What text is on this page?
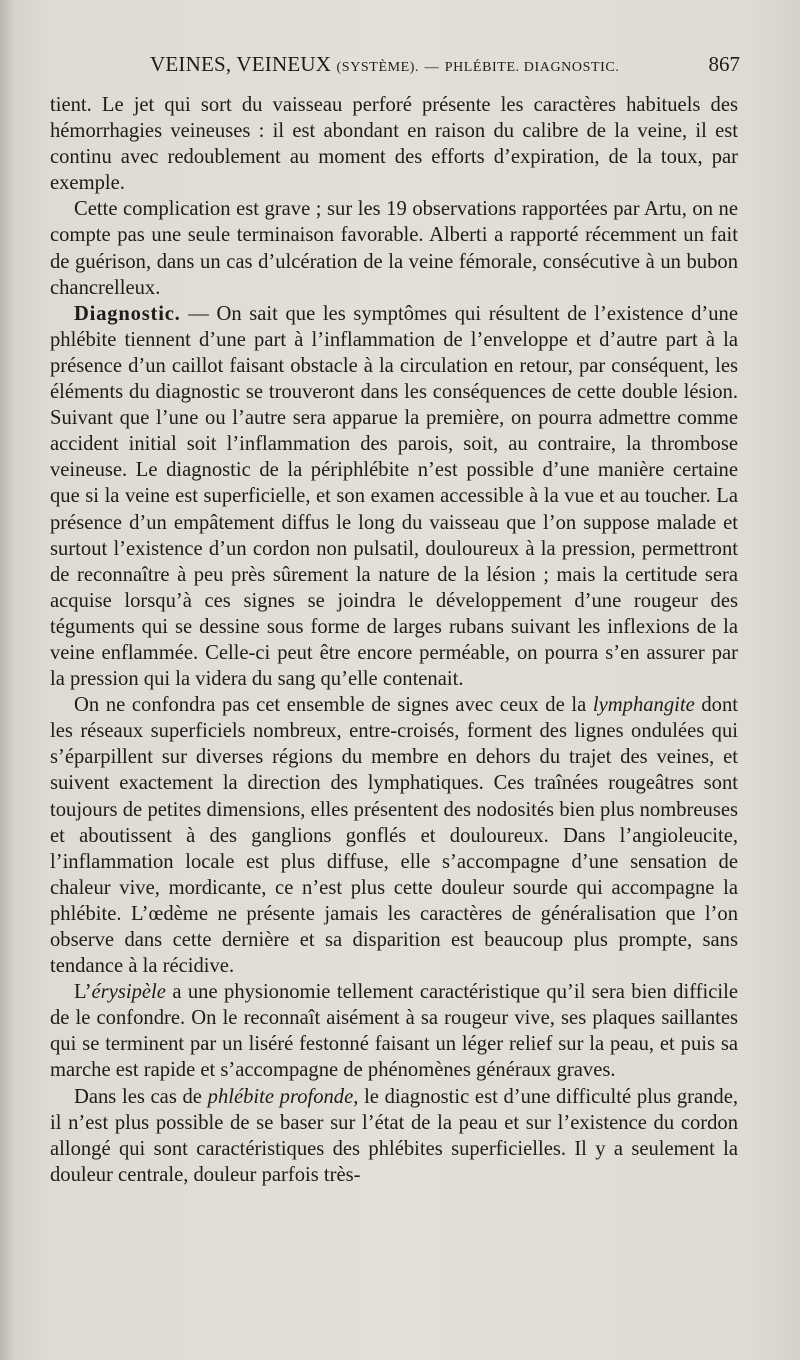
VEINES, VEINEUX (SYSTÈME). — PHLÉBITE. DIAGNOSTIC.	867

tient. Le jet qui sort du vaisseau perforé présente les caractères habituels des hémorrhagies veineuses : il est abondant en raison du calibre de la veine, il est continu avec redoublement au moment des efforts d’expiration, de la toux, par exemple.

Cette complication est grave ; sur les 19 observations rapportées par Artu, on ne compte pas une seule terminaison favorable. Alberti a rapporté récemment un fait de guérison, dans un cas d’ulcération de la veine fémorale, consécutive à un bubon chancrelleux.

Diagnostic. — On sait que les symptômes qui résultent de l’existence d’une phlébite tiennent d’une part à l’inflammation de l’enveloppe et d’autre part à la présence d’un caillot faisant obstacle à la circulation en retour, par conséquent, les éléments du diagnostic se trouveront dans les conséquences de cette double lésion. Suivant que l’une ou l’autre sera apparue la première, on pourra admettre comme accident initial soit l’inflammation des parois, soit, au contraire, la thrombose veineuse. Le diagnostic de la périphlébite n’est possible d’une manière certaine que si la veine est superficielle, et son examen accessible à la vue et au toucher. La présence d’un empâtement diffus le long du vaisseau que l’on suppose malade et surtout l’existence d’un cordon non pulsatil, douloureux à la pression, permettront de reconnaître à peu près sûrement la nature de la lésion ; mais la certitude sera acquise lorsqu’à ces signes se joindra le développement d’une rougeur des téguments qui se dessine sous forme de larges rubans suivant les inflexions de la veine enflammée. Celle-ci peut être encore perméable, on pourra s’en assurer par la pression qui la videra du sang qu’elle contenait.

On ne confondra pas cet ensemble de signes avec ceux de la lymphangite dont les réseaux superficiels nombreux, entre-croisés, forment des lignes ondulées qui s’éparpillent sur diverses régions du membre en dehors du trajet des veines, et suivent exactement la direction des lymphatiques. Ces traînées rougeâtres sont toujours de petites dimensions, elles présentent des nodosités bien plus nombreuses et aboutissent à des ganglions gonflés et douloureux. Dans l’angioleucite, l’inflammation locale est plus diffuse, elle s’accompagne d’une sensation de chaleur vive, mordicante, ce n’est plus cette douleur sourde qui accompagne la phlébite. L’œdème ne présente jamais les caractères de généralisation que l’on observe dans cette dernière et sa disparition est beaucoup plus prompte, sans tendance à la récidive.

L’érysipèle a une physionomie tellement caractéristique qu’il sera bien difficile de le confondre. On le reconnaît aisément à sa rougeur vive, ses plaques saillantes qui se terminent par un liséré festonné faisant un léger relief sur la peau, et puis sa marche est rapide et s’accompagne de phénomènes généraux graves.

Dans les cas de phlébite profonde, le diagnostic est d’une difficulté plus grande, il n’est plus possible de se baser sur l’état de la peau et sur l’existence du cordon allongé qui sont caractéristiques des phlébites superficielles. Il y a seulement la douleur centrale, douleur parfois très-
